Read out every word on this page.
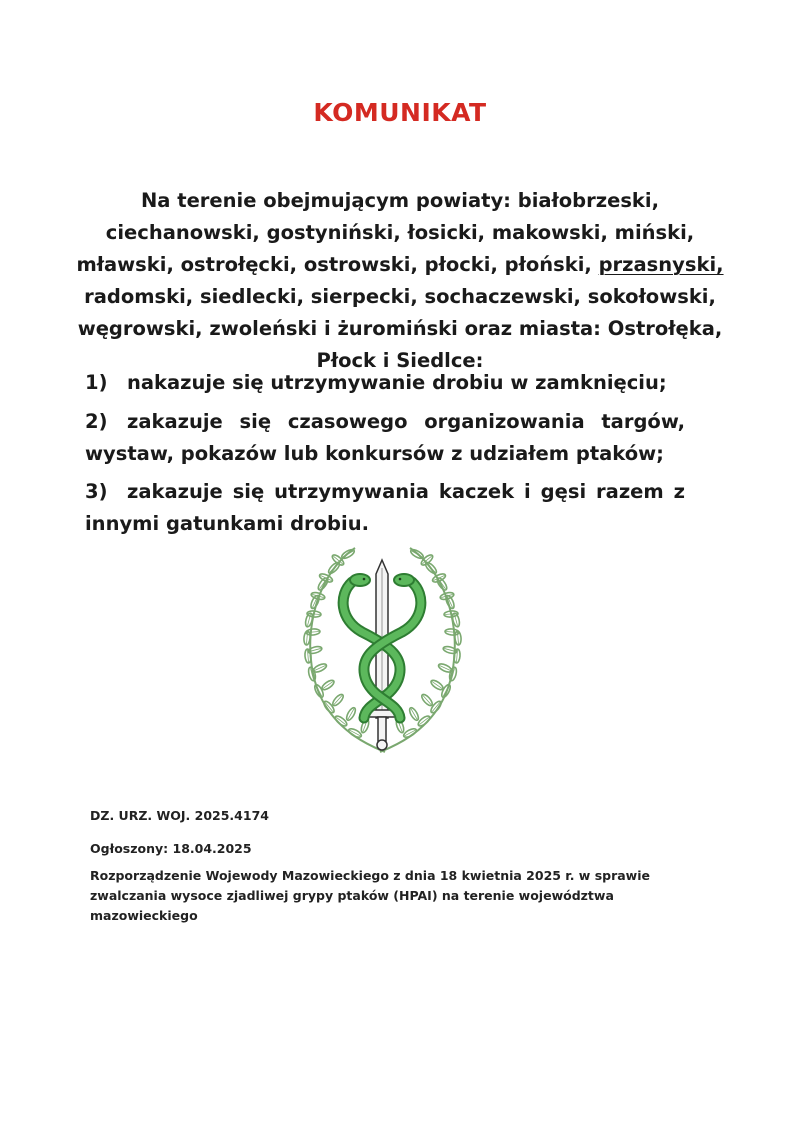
KOMUNIKAT
Na terenie obejmującym powiaty: białobrzeski, ciechanowski, gostyniński, łosicki, makowski, miński, mławski, ostrołęcki, ostrowski, płocki, płoński, przasnyski, radomski, siedlecki, sierpecki, sochaczewski, sokołowski, węgrowski, zwoleński i żuromiński oraz miasta: Ostrołęka, Płock i Siedlce:
1) nakazuje się utrzymywanie drobiu w zamknięciu;
2) zakazuje się czasowego organizowania targów, wystaw, pokazów lub konkursów z udziałem ptaków;
3) zakazuje się utrzymywania kaczek i gęsi razem z innymi gatunkami drobiu.
DZ. URZ. WOJ. 2025.4174
Ogłoszony: 18.04.2025
Rozporządzenie Wojewody Mazowieckiego z dnia 18 kwietnia 2025 r. w sprawie zwalczania wysoce zjadliwej grypy ptaków (HPAI) na terenie województwa mazowieckiego
